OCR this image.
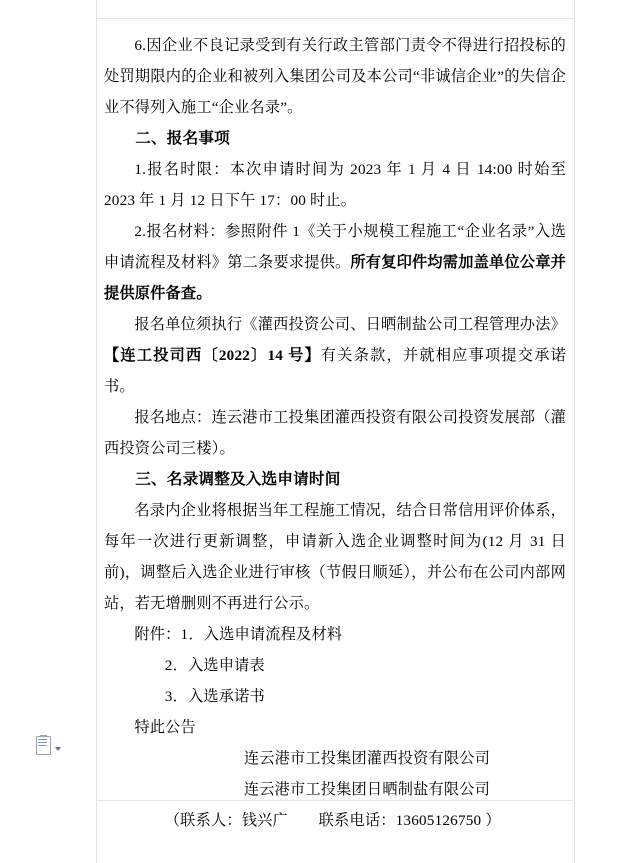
6.因企业不良记录受到有关行政主管部门责令不得进行招投标的处罚期限内的企业和被列入集团公司及本公司“非诚信企业”的失信企业不得列入施工“企业名录”。

二、报名事项

1.报名时限：本次申请时间为 2023 年 1 月 4 日 14:00 时始至 2023 年 1 月 12 日下午 17：00 时止。

2.报名材料：参照附件 1《关于小规模工程施工“企业名录”入选申请流程及材料》第二条要求提供。所有复印件均需加盖单位公章并提供原件备查。

报名单位须执行《灌西投资公司、日晒制盐公司工程管理办法》【连工投司西〔2022〕14 号】有关条款，并就相应事项提交承诺书。

报名地点：连云港市工投集团灌西投资有限公司投资发展部（灌西投资公司三楼）。

三、名录调整及入选申请时间

名录内企业将根据当年工程施工情况，结合日常信用评价体系，每年一次进行更新调整，申请新入选企业调整时间为(12 月 31 日前)，调整后入选企业进行审核（节假日顺延），并公布在公司内部网站，若无增删则不再进行公示。

附件：1．入选申请流程及材料

2．入选申请表

3．入选承诺书

特此公告

连云港市工投集团灌西投资有限公司

连云港市工投集团日晒制盐有限公司

（联系人：钱兴广　　联系电话：13605126750 ）
